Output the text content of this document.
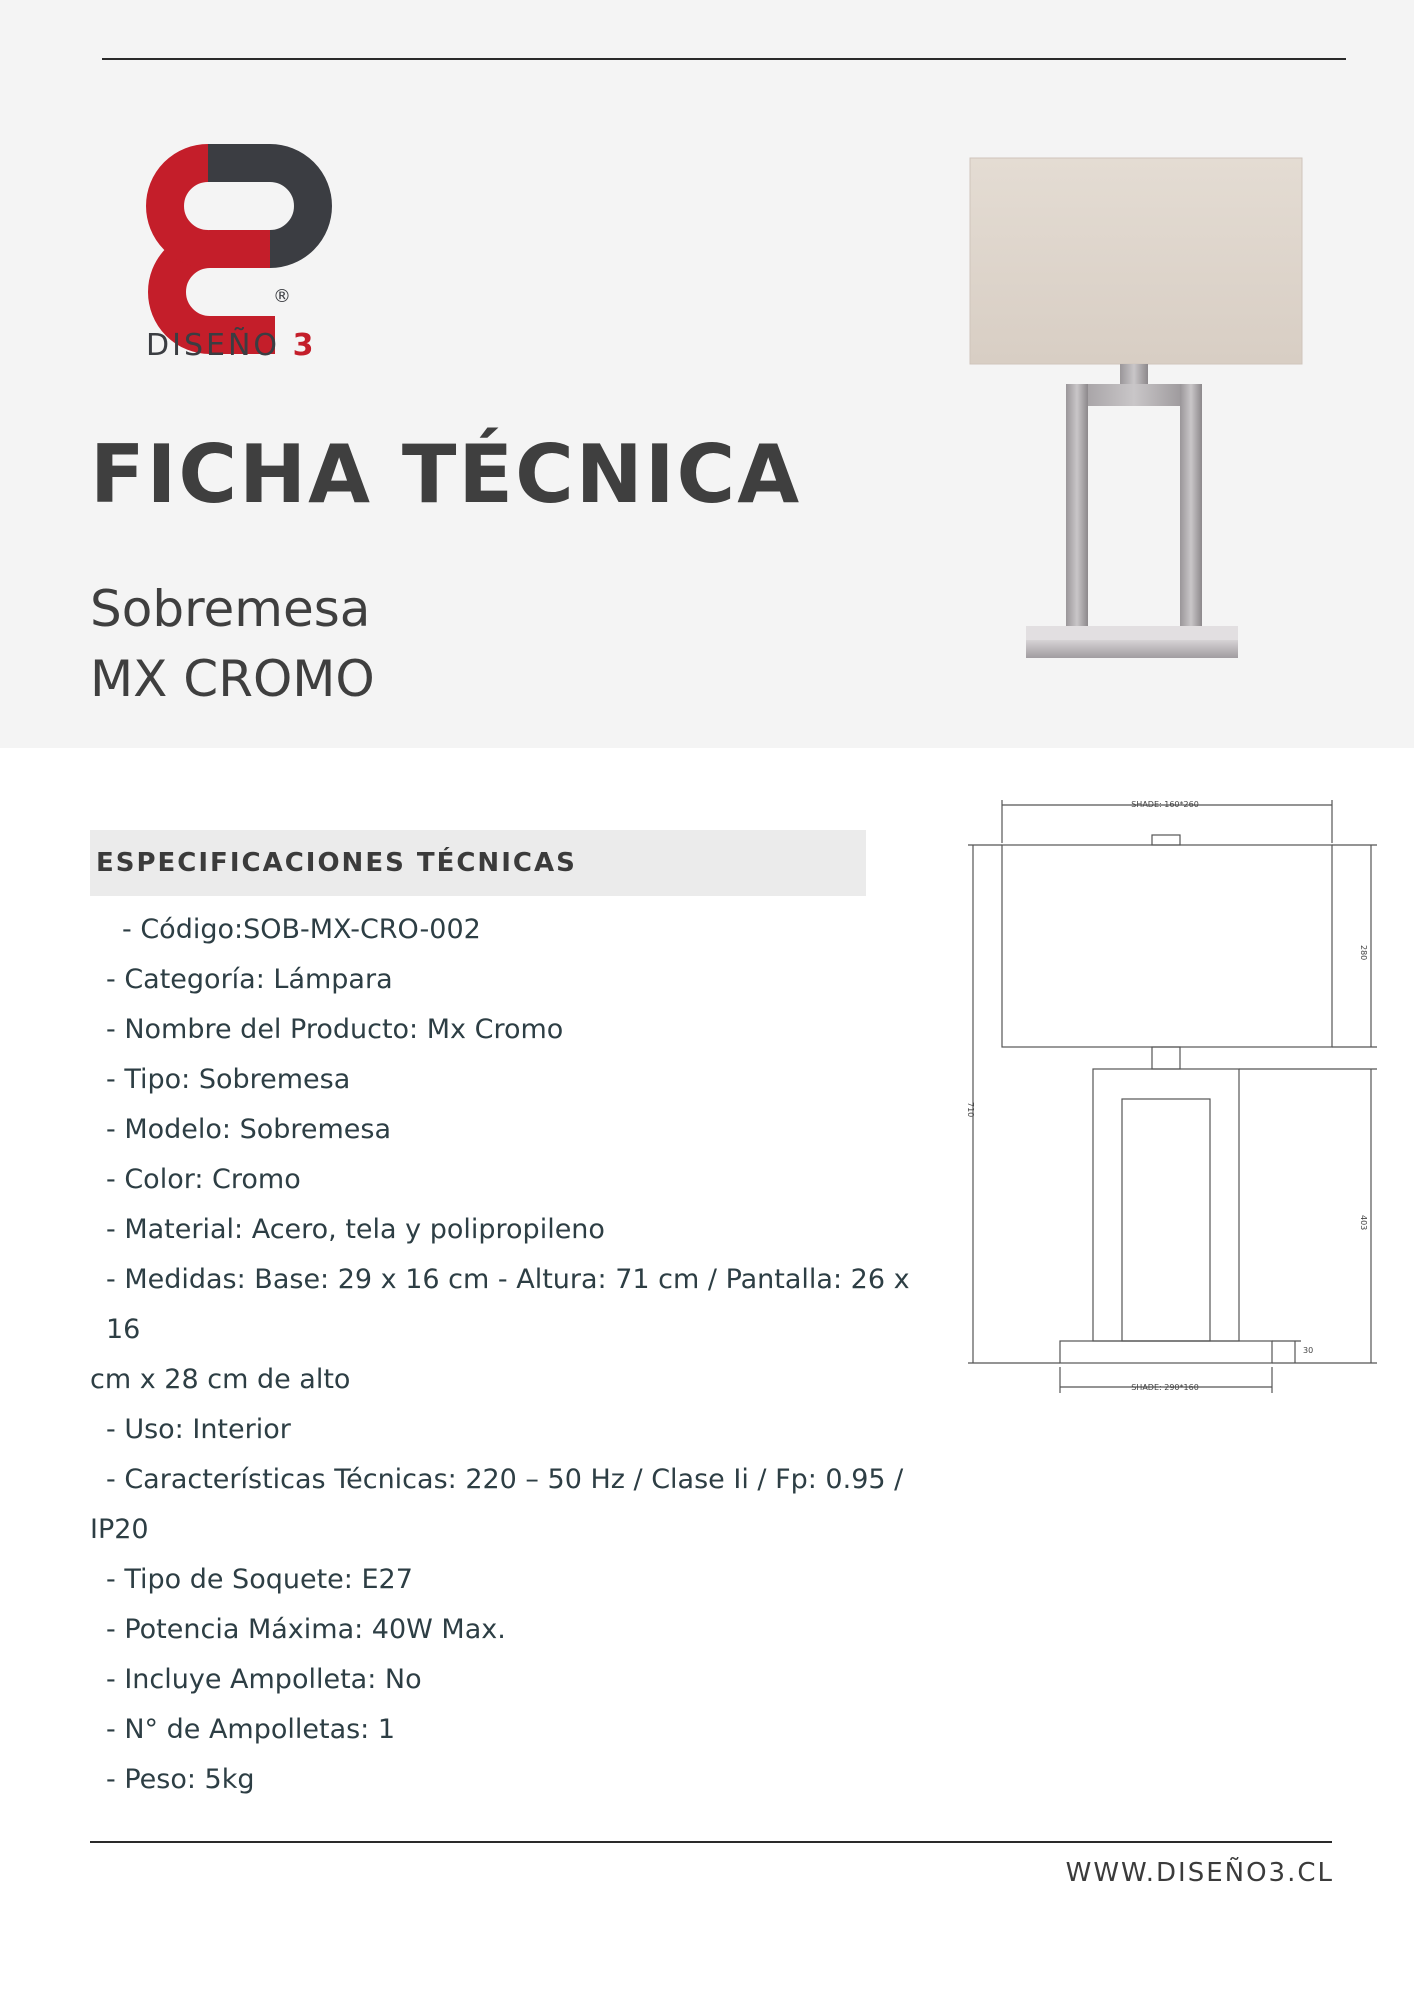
®
DISEÑO 3
FICHA TÉCNICA
Sobremesa
MX CROMO
SHADE: 160*260
SHADE: 290*160
710
280
403
30
ESPECIFICACIONES TÉCNICAS
- Código:SOB-MX-CRO-002
- Categoría: Lámpara
- Nombre del Producto: Mx Cromo
- Tipo: Sobremesa
- Modelo: Sobremesa
- Color: Cromo
- Material: Acero, tela y polipropileno
- Medidas: Base: 29 x 16 cm - Altura: 71 cm / Pantalla: 26 x 16
cm x 28 cm de alto
- Uso: Interior
- Características Técnicas: 220 – 50 Hz / Clase Ii / Fp: 0.95 /
IP20
- Tipo de Soquete: E27
- Potencia Máxima: 40W Max.
- Incluye Ampolleta: No
- N° de Ampolletas: 1
- Peso: 5kg
WWW.DISEÑO3.CL
